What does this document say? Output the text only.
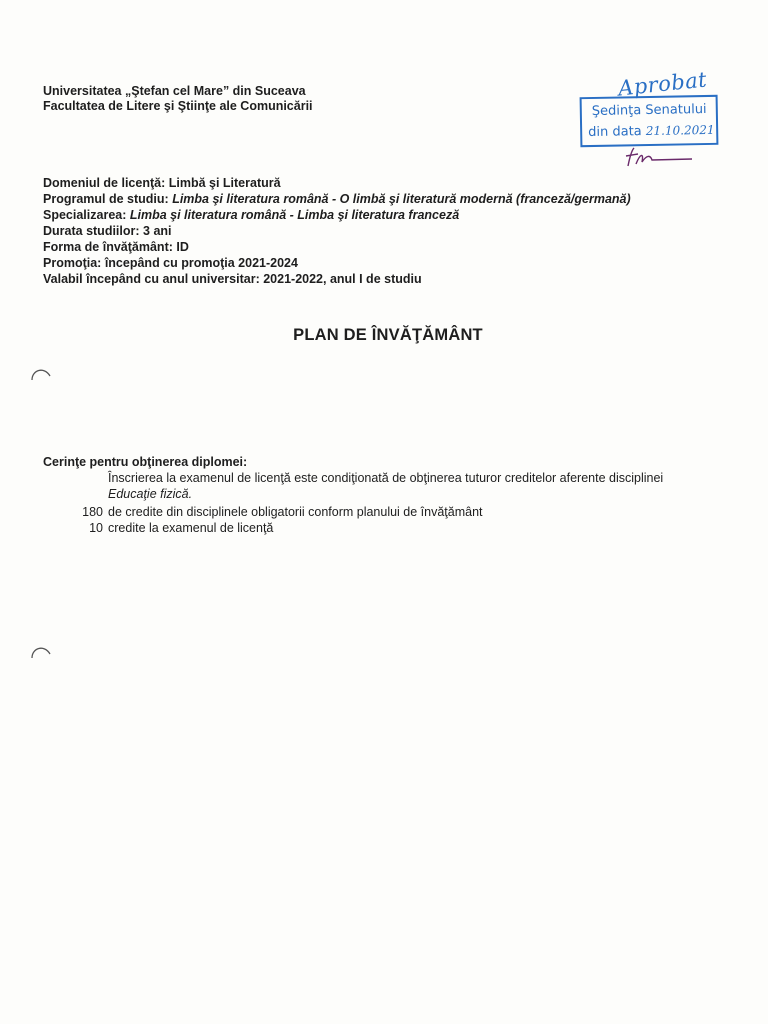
Universitatea „Ştefan cel Mare” din Suceava
Facultatea de Litere şi Ştiinţe ale Comunicării
Aprobat
Şedinţa Senatului
din data 21.10.2021
Domeniul de licenţă: Limbă şi Literatură
Programul de studiu: Limba şi literatura română - O limbă şi literatură modernă (franceză/germană)
Specializarea: Limba şi literatura română - Limba şi literatura franceză
Durata studiilor: 3 ani
Forma de învăţământ: ID
Promoţia: începând cu promoţia 2021-2024
Valabil începând cu anul universitar: 2021-2022, anul I de studiu
PLAN DE ÎNVĂŢĂMÂNT
Cerinţe pentru obţinerea diplomei:
Înscrierea la examenul de licenţă este condiţionată de obţinerea tuturor creditelor aferente disciplinei
Educaţie fizică.
180 de credite din disciplinele obligatorii conform planului de învăţământ
10 credite la examenul de licenţă
